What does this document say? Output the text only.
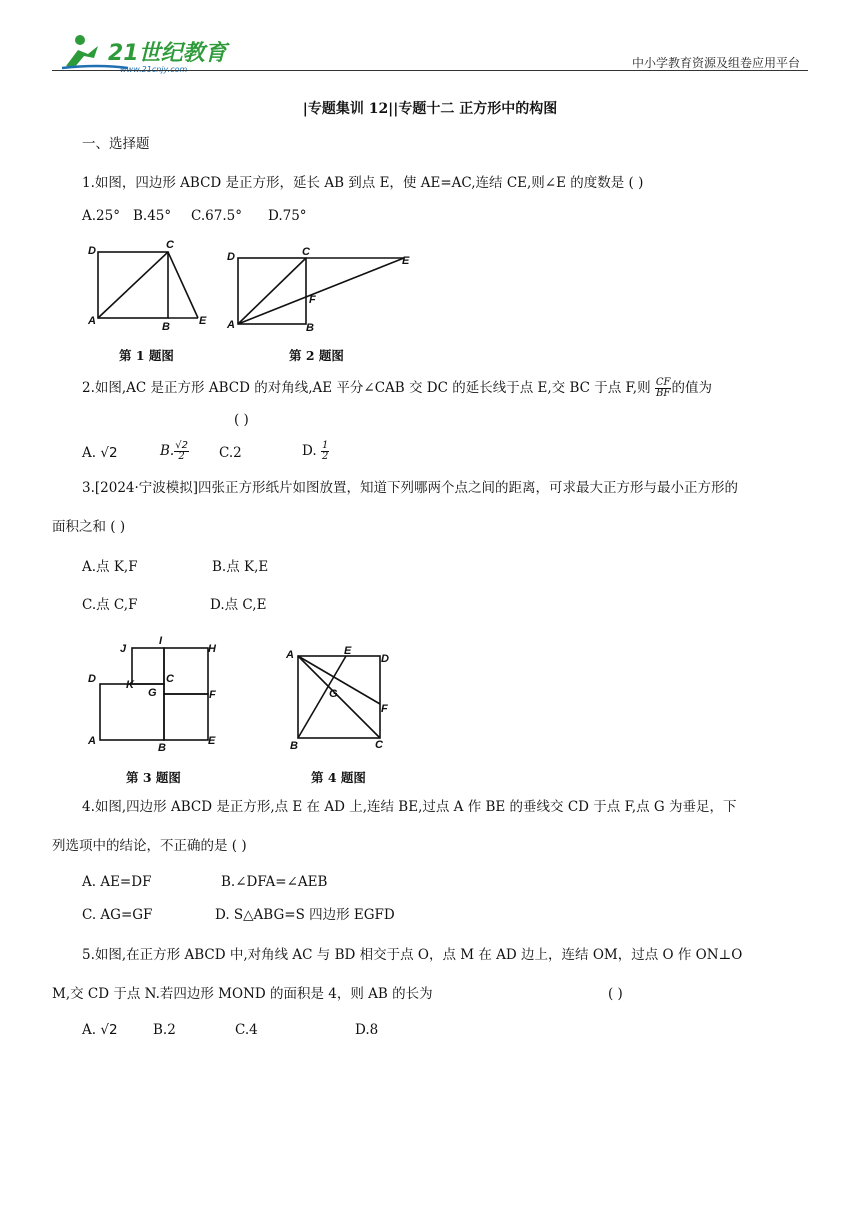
21世纪教育
www.21cnjy.com	中小学教育资源及组卷应用平台
|专题集训 12||专题十二 正方形中的构图
一、选择题
1.如图，四边形 ABCD 是正方形，延长 AB 到点 E，使 AE=AC,连结 CE,则∠E 的度数是 ( )
A.25° B.45° C.67.5° D.75°
D	C
A	B	E
D	C
E
F
A	B
第 1 题图	第 2 题图
2.如图,AC 是正方形 ABCD 的对角线,AE 平分∠CAB 交 DC 的延长线于点 E,交 BC 于点 F,则 $\frac{CF}{BF}$ 的值为
( )
A. √2	B. $\frac{√2}{2} C.2$	D. $\frac{1}{2}$
3.[2024·宁波模拟]四张正方形纸片如图放置，知道下列哪两个点之间的距离，可求最大正方形与最小正方形的
面积之和 ( )
A.点 K,F	B.点 K,E
C.点 C,F	D.点 C,E
J
I
H
D	K	C
G	F
A
B
E
A	E
D
G
F
B	C
第 3 题图	第 4 题图
4.如图,四边形 ABCD 是正方形,点 E 在 AD 上,连结 BE,过点 A 作 BE 的垂线交 CD 于点 F,点 G 为垂足，下
列选项中的结论，不正确的是 ( )
A. AE=DF	B.∠DFA=∠AEB
C. AG=GF	D. S△ABG=S 四边形 EGFD
5.如图,在正方形 ABCD 中,对角线 AC 与 BD 相交于点 O，点 M 在 AD 边上，连结 OM，过点 O 作 ON⊥O
M,交 CD 于点 N.若四边形 MOND 的面积是 4，则 AB 的长为	( )
A. √2	B.2	C.4	D.8
